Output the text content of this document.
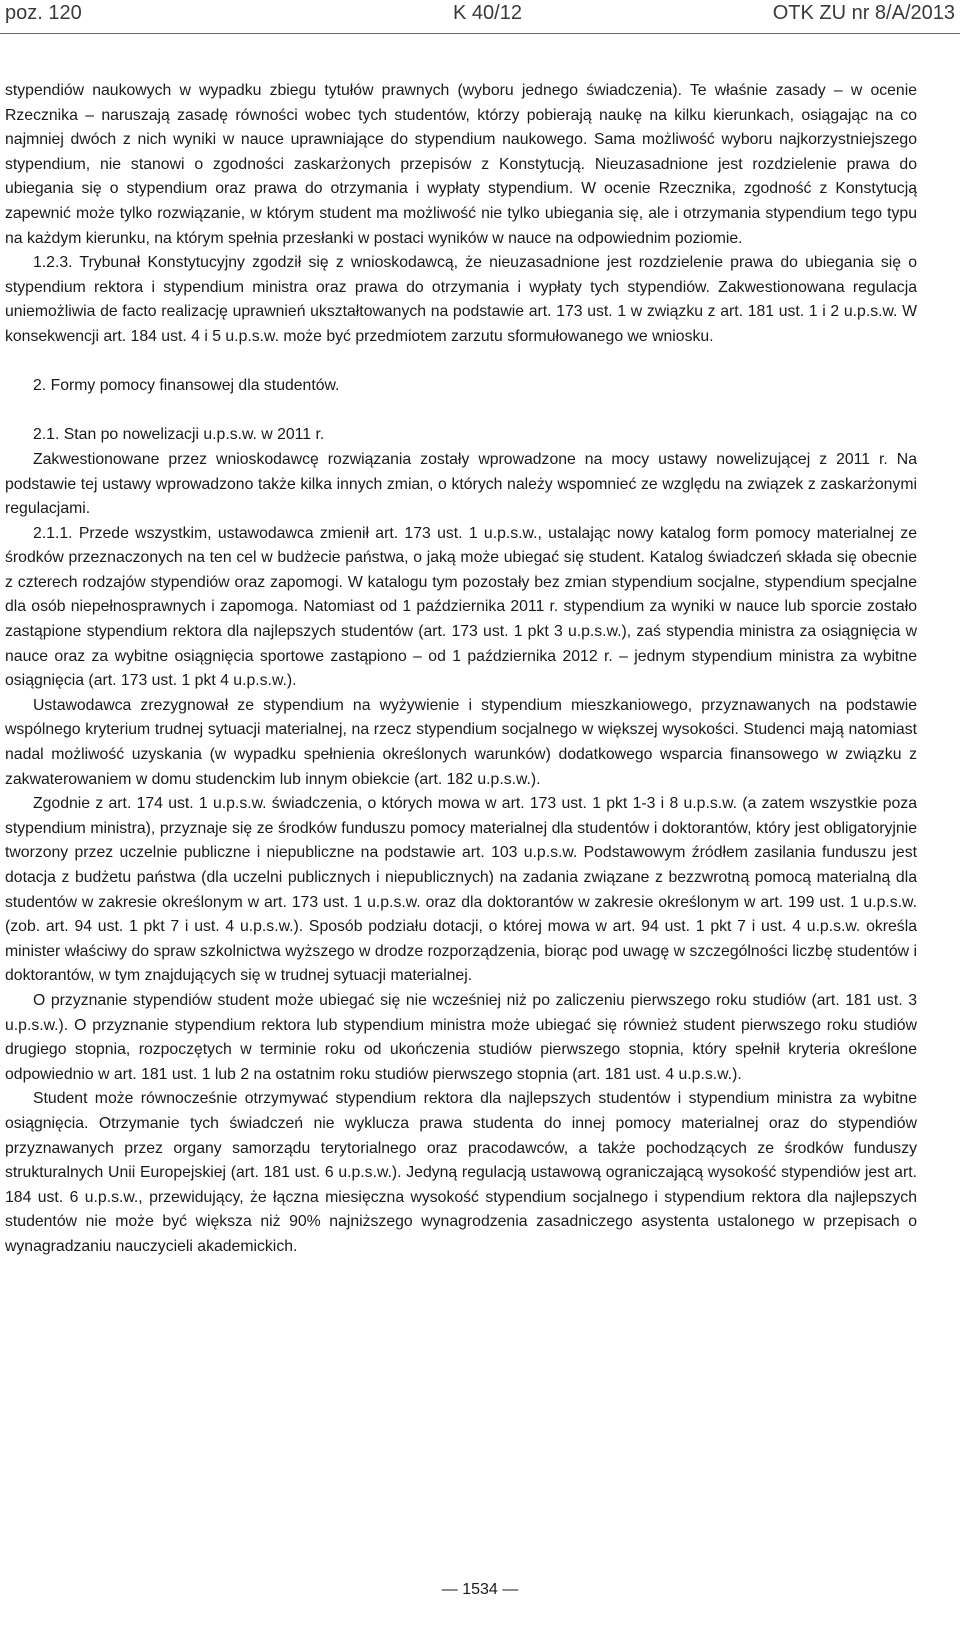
poz. 120	K 40/12	OTK ZU nr 8/A/2013

stypendiów naukowych w wypadku zbiegu tytułów prawnych (wyboru jednego świadczenia). Te właśnie zasady – w ocenie Rzecznika – naruszają zasadę równości wobec tych studentów, którzy pobierają naukę na kilku kierunkach, osiągając na co najmniej dwóch z nich wyniki w nauce uprawniające do stypendium naukowego. Sama możliwość wyboru najkorzystniejszego stypendium, nie stanowi o zgodności zaskarżonych przepisów z Konstytucją. Nieuzasadnione jest rozdzielenie prawa do ubiegania się o stypendium oraz prawa do otrzymania i wypłaty stypendium. W ocenie Rzecznika, zgodność z Konstytucją zapewnić może tylko rozwiązanie, w którym student ma możliwość nie tylko ubiegania się, ale i otrzymania stypendium tego typu na każdym kierunku, na którym spełnia przesłanki w postaci wyników w nauce na odpowiednim poziomie.

1.2.3. Trybunał Konstytucyjny zgodził się z wnioskodawcą, że nieuzasadnione jest rozdzielenie prawa do ubiegania się o stypendium rektora i stypendium ministra oraz prawa do otrzymania i wypłaty tych stypendiów. Zakwestionowana regulacja uniemożliwia de facto realizację uprawnień ukształtowanych na podstawie art. 173 ust. 1 w związku z art. 181 ust. 1 i 2 u.p.s.w. W konsekwencji art. 184 ust. 4 i 5 u.p.s.w. może być przedmiotem zarzutu sformułowanego we wniosku.

2. Formy pomocy finansowej dla studentów.

2.1. Stan po nowelizacji u.p.s.w. w 2011 r.

Zakwestionowane przez wnioskodawcę rozwiązania zostały wprowadzone na mocy ustawy nowelizującej z 2011 r. Na podstawie tej ustawy wprowadzono także kilka innych zmian, o których należy wspomnieć ze względu na związek z zaskarżonymi regulacjami.

2.1.1. Przede wszystkim, ustawodawca zmienił art. 173 ust. 1 u.p.s.w., ustalając nowy katalog form pomocy materialnej ze środków przeznaczonych na ten cel w budżecie państwa, o jaką może ubiegać się student. Katalog świadczeń składa się obecnie z czterech rodzajów stypendiów oraz zapomogi. W katalogu tym pozostały bez zmian stypendium socjalne, stypendium specjalne dla osób niepełnosprawnych i zapomoga. Natomiast od 1 października 2011 r. stypendium za wyniki w nauce lub sporcie zostało zastąpione stypendium rektora dla najlepszych studentów (art. 173 ust. 1 pkt 3 u.p.s.w.), zaś stypendia ministra za osiągnięcia w nauce oraz za wybitne osiągnięcia sportowe zastąpiono – od 1 października 2012 r. – jednym stypendium ministra za wybitne osiągnięcia (art. 173 ust. 1 pkt 4 u.p.s.w.).

Ustawodawca zrezygnował ze stypendium na wyżywienie i stypendium mieszkaniowego, przyznawanych na podstawie wspólnego kryterium trudnej sytuacji materialnej, na rzecz stypendium socjalnego w większej wysokości. Studenci mają natomiast nadal możliwość uzyskania (w wypadku spełnienia określonych warunków) dodatkowego wsparcia finansowego w związku z zakwaterowaniem w domu studenckim lub innym obiekcie (art. 182 u.p.s.w.).

Zgodnie z art. 174 ust. 1 u.p.s.w. świadczenia, o których mowa w art. 173 ust. 1 pkt 1-3 i 8 u.p.s.w. (a zatem wszystkie poza stypendium ministra), przyznaje się ze środków funduszu pomocy materialnej dla studentów i doktorantów, który jest obligatoryjnie tworzony przez uczelnie publiczne i niepubliczne na podstawie art. 103 u.p.s.w. Podstawowym źródłem zasilania funduszu jest dotacja z budżetu państwa (dla uczelni publicznych i niepublicznych) na zadania związane z bezzwrotną pomocą materialną dla studentów w zakresie określonym w art. 173 ust. 1 u.p.s.w. oraz dla doktorantów w zakresie określonym w art. 199 ust. 1 u.p.s.w. (zob. art. 94 ust. 1 pkt 7 i ust. 4 u.p.s.w.). Sposób podziału dotacji, o której mowa w art. 94 ust. 1 pkt 7 i ust. 4 u.p.s.w. określa minister właściwy do spraw szkolnictwa wyższego w drodze rozporządzenia, biorąc pod uwagę w szczególności liczbę studentów i doktorantów, w tym znajdujących się w trudnej sytuacji materialnej.

O przyznanie stypendiów student może ubiegać się nie wcześniej niż po zaliczeniu pierwszego roku studiów (art. 181 ust. 3 u.p.s.w.). O przyznanie stypendium rektora lub stypendium ministra może ubiegać się również student pierwszego roku studiów drugiego stopnia, rozpoczętych w terminie roku od ukończenia studiów pierwszego stopnia, który spełnił kryteria określone odpowiednio w art. 181 ust. 1 lub 2 na ostatnim roku studiów pierwszego stopnia (art. 181 ust. 4 u.p.s.w.).

Student może równocześnie otrzymywać stypendium rektora dla najlepszych studentów i stypendium ministra za wybitne osiągnięcia. Otrzymanie tych świadczeń nie wyklucza prawa studenta do innej pomocy materialnej oraz do stypendiów przyznawanych przez organy samorządu terytorialnego oraz pracodawców, a także pochodzących ze środków funduszy strukturalnych Unii Europejskiej (art. 181 ust. 6 u.p.s.w.). Jedyną regulacją ustawową ograniczającą wysokość stypendiów jest art. 184 ust. 6 u.p.s.w., przewidujący, że łączna miesięczna wysokość stypendium socjalnego i stypendium rektora dla najlepszych studentów nie może być większa niż 90% najniższego wynagrodzenia zasadniczego asystenta ustalonego w przepisach o wynagradzaniu nauczycieli akademickich.

— 1534 —
